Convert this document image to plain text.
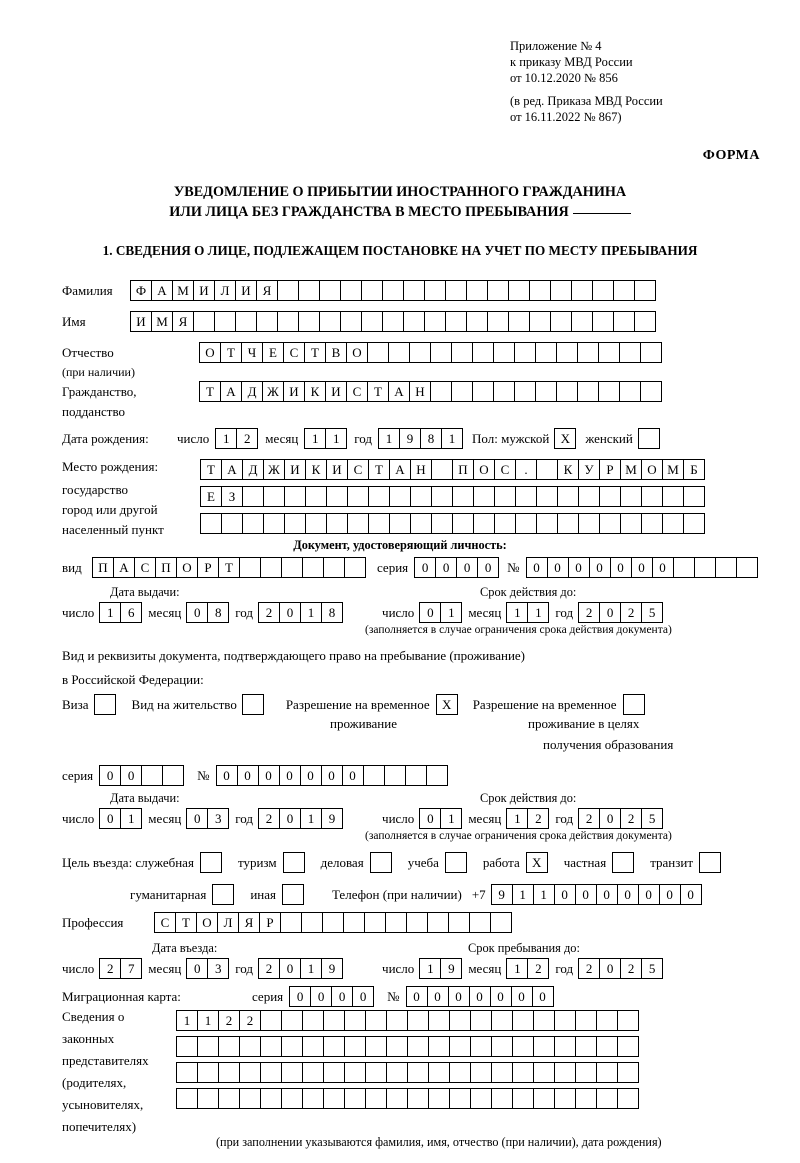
Приложение № 4
к приказу МВД России
от 10.12.2020 № 856
(в ред. Приказа МВД России
от 16.11.2022 № 867)
ФОРМА
УВЕДОМЛЕНИЕ О ПРИБЫТИИ ИНОСТРАННОГО ГРАЖДАНИНА
ИЛИ ЛИЦА БЕЗ ГРАЖДАНСТВА В МЕСТО ПРЕБЫВАНИЯ
1. СВЕДЕНИЯ О ЛИЦЕ, ПОДЛЕЖАЩЕМ ПОСТАНОВКЕ НА УЧЕТ ПО МЕСТУ ПРЕБЫВАНИЯ
Фамилия	Ф А М И Л И Я
Имя	И М Я
Отчество	О Т Ч Е С Т В О
(при наличии)
Гражданство,	Т А Д Ж И К И С Т А Н
подданство
Дата рождения:	число	1	2	месяц	1	1	год	1	9	8	1	Пол: мужской X	женский
Место рождения:	Т А Д Ж И К И С Т А Н	П О С	.	К У Р М О М Б
государство	Е	З
город или другой
населенный пункт
Документ, удостоверяющий личность:
вид	П А С П О Р	Т	серия	0	0	0	0	№	0	0	0	0	0	0	0
Дата выдачи:	Срок действия до:
число 1	6	месяц 0	8	год 2	0	1	8	число 0	1	месяц 1	1	год 2	0	2	5
(заполняется в случае ограничения срока действия документа)
Вид и реквизиты документа, подтверждающего право на пребывание (проживание)
в Российской Федерации:
Виза	Вид на жительство	Разрешение на временное X	Разрешение на временное
проживание	проживание в целях
получения образования
серия	0	0	№	0	0	0	0	0	0	0
Дата выдачи:	Срок действия до:
число 0	1	месяц 0	3	год 2	0	1	9	число 0	1	месяц 1	2	год 2	0	2	5
(заполняется в случае ограничения срока действия документа)
Цель въезда: служебная	туризм	деловая	учеба	работа X	частная	транзит
гуманитарная	иная	Телефон (при наличии) +7 9	1	1	0	0	0	0	0	0	0
Профессия	С Т О Л Я	Р
Дата въезда:	Срок пребывания до:
число 2	7	месяц 0	3	год 2	0	1	9	число 1	9	месяц 1	2	год 2	0	2	5
Миграционная карта:	серия	0	0	0	0	№	0	0	0	0	0	0	0
Сведения о
законных
представителях
(родителях,
усыновителях,
попечителях)
1	1	2	2
(при заполнении указываются фамилия, имя, отчество (при наличии), дата рождения)
